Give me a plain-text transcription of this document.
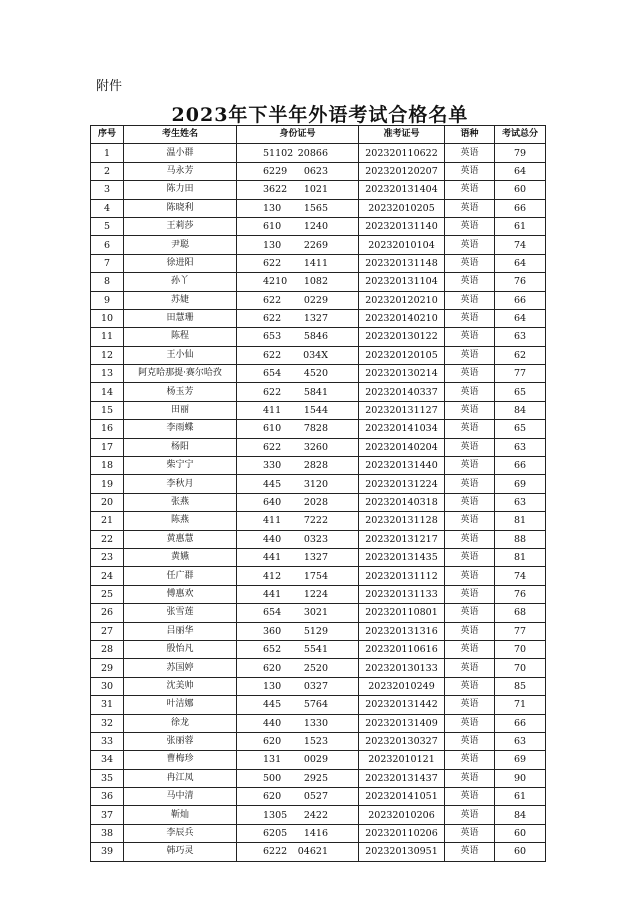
附件
2023年下半年外语考试合格名单
序号	考生姓名	身份证号	准考证号	语种	考试总分
1	温小群	51102 20866	202320110622	英语	79
2	马永芳	6229 0623	202320120207	英语	64
3	陈力田	3622 1021	202320131404	英语	60
4	陈晓利	130 1565	20232010205	英语	66
5	王莉莎	610 1240	202320131140	英语	61
6	尹聪	130 2269	20232010104	英语	74
7	徐进阳	622 1411	202320131148	英语	64
8	孙丫	4210 1082	202320131104	英语	76
9	苏婕	622 0229	202320120210	英语	66
10	田慧珊	622 1327	202320140210	英语	64
11	陈程	653 5846	202320130122	英语	63
12	王小仙	622 034X	202320120105	英语	62
13	阿克哈那提·赛尔哈孜	654 4520	202320130214	英语	77
14	杨玉芳	622 5841	202320140337	英语	65
15	田丽	411 1544	202320131127	英语	84
16	李雨蝶	610 7828	202320141034	英语	65
17	杨阳	622 3260	202320140204	英语	63
18	柴宁宁	330 2828	202320131440	英语	66
19	李秋月	445 3120	202320131224	英语	69
20	张燕	640 2028	202320140318	英语	63
21	陈燕	411 7222	202320131128	英语	81
22	黄惠慧	440 0323	202320131217	英语	88
23	黄嬿	441 1327	202320131435	英语	81
24	任广群	412 1754	202320131112	英语	74
25	傅惠欢	441 1224	202320131133	英语	76
26	张雪莲	654 3021	202320110801	英语	68
27	吕丽华	360 5129	202320131316	英语	77
28	殷怡凡	652 5541	202320110616	英语	70
29	苏国婷	620 2520	202320130133	英语	70
30	沈美帅	130 0327	20232010249	英语	85
31	叶洁娜	445 5764	202320131442	英语	71
32	徐龙	440 1330	202320131409	英语	66
33	张丽蓉	620 1523	202320130327	英语	63
34	曹梅珍	131 0029	20232010121	英语	69
35	冉江凤	500 2925	202320131437	英语	90
36	马中清	620 0527	202320141051	英语	61
37	靳灿	1305 2422	20232010206	英语	84
38	李辰兵	6205 1416	202320110206	英语	60
39	韩巧灵	6222 04621	202320130951	英语	60
